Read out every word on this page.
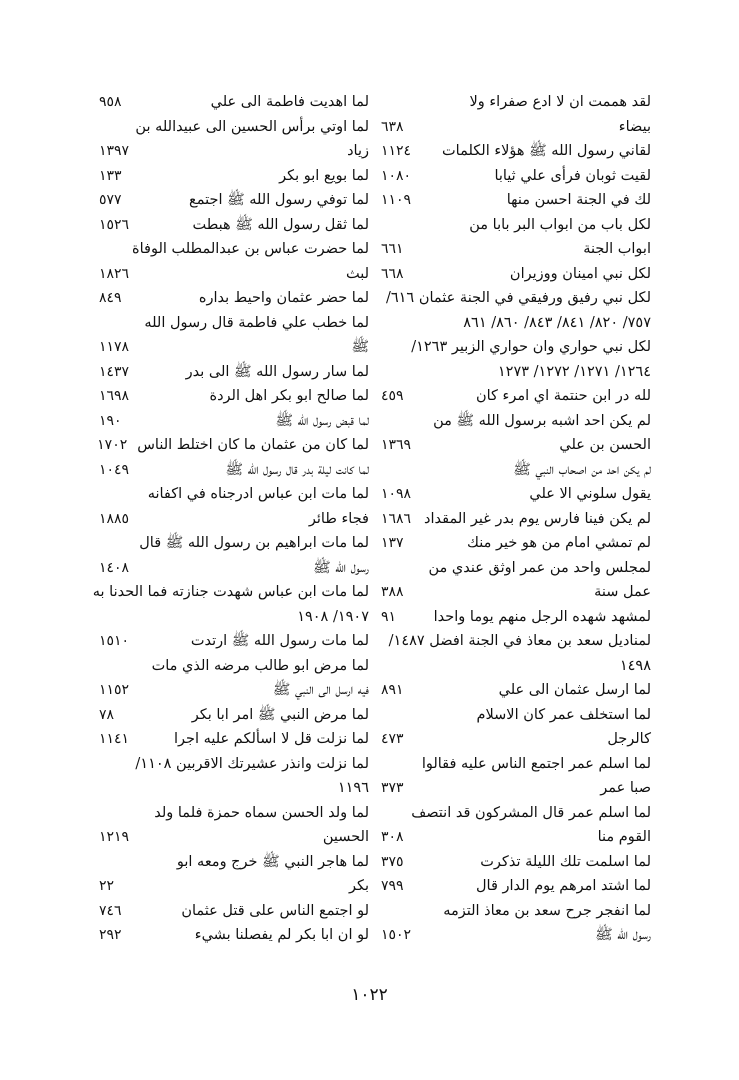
لقد هممت ان لا ادع صفراء ولا
بيضاء
٦٣٨
لقاني رسول الله ﷺ هؤلاء الكلمات
١١٢٤
لقيت ثوبان فرأى علي ثيابا
١٠٨٠
لك في الجنة احسن منها
١١٠٩
لكل باب من ابواب البر بابا من
ابواب الجنة
٦٦١
لكل نبي امينان ووزيران
٦٦٨
لكل نبي رفيق ورفيقي في الجنة عثمان ٦١٦/
٧٥٧/ ٨٢٠/ ٨٤١/ ٨٤٣/ ٨٦٠/ ٨٦١
لكل نبي حواري وان حواري الزبير ١٢٦٣/
١٢٦٤/ ١٢٧١/ ١٢٧٢/ ١٢٧٣
لله در ابن حنتمة اي امرء كان
٤٥٩
لم يكن احد اشبه برسول الله ﷺ من
الحسن بن علي
١٣٦٩
لم يكن احد من اصحاب النبي ﷺ
يقول سلوني الا علي
١٠٩٨
لم يكن فينا فارس يوم بدر غير المقداد
١٦٨٦
لم تمشي امام من هو خير منك
١٣٧
لمجلس واحد من عمر اوثق عندي من
عمل سنة
٣٨٨
لمشهد شهده الرجل منهم يوما واحدا
٩١
لمناديل سعد بن معاذ في الجنة افضل ١٤٨٧/
١٤٩٨
لما ارسل عثمان الى علي
٨٩١
لما استخلف عمر كان الاسلام
كالرجل
٤٧٣
لما اسلم عمر اجتمع الناس عليه فقالوا
صبا عمر
٣٧٣
لما اسلم عمر قال المشركون قد انتصف
القوم منا
٣٠٨
لما اسلمت تلك الليلة تذكرت
٣٧٥
لما اشتد امرهم يوم الدار قال
٧٩٩
لما انفجر جرح سعد بن معاذ التزمه
رسول الله ﷺ
١٥٠٢
لما اهديت فاطمة الى علي
٩٥٨
لما اوتي برأس الحسين الى عبيدالله بن
زياد
١٣٩٧
لما بويع ابو بكر
١٣٣
لما توفي رسول الله ﷺ اجتمع
٥٧٧
لما ثقل رسول الله ﷺ هبطت
١٥٢٦
لما حضرت عباس بن عبدالمطلب الوفاة
لبث
١٨٢٦
لما حضر عثمان واحيط بداره
٨٤٩
لما خطب علي فاطمة قال رسول الله
ﷺ
١١٧٨
لما سار رسول الله ﷺ الى بدر
١٤٣٧
لما صالح ابو بكر اهل الردة
١٦٩٨
لما قبض رسول الله ﷺ
١٩٠
لما كان من عثمان ما كان اختلط الناس
١٧٠٢
لما كانت ليلة بدر قال رسول الله ﷺ
١٠٤٩
لما مات ابن عباس ادرجناه في اكفانه
فجاء طائر
١٨٨٥
لما مات ابراهيم بن رسول الله ﷺ قال
رسول الله ﷺ
١٤٠٨
لما مات ابن عباس شهدت جنازته فما الحدنا به
١٩٠٧/ ١٩٠٨
لما مات رسول الله ﷺ ارتدت
١٥١٠
لما مرض ابو طالب مرضه الذي مات
فيه ارسل الى النبي ﷺ
١١٥٢
لما مرض النبي ﷺ امر ابا بكر
٧٨
لما نزلت قل لا اسألكم عليه اجرا
١١٤١
لما نزلت وانذر عشيرتك الاقربين ١١٠٨/
١١٩٦
لما ولد الحسن سماه حمزة فلما ولد
الحسين
١٢١٩
لما هاجر النبي ﷺ خرج ومعه ابو
بكر
٢٢
لو اجتمع الناس على قتل عثمان
٧٤٦
لو ان ابا بكر لم يفصلنا بشيء
٢٩٢
١٠٢٢
